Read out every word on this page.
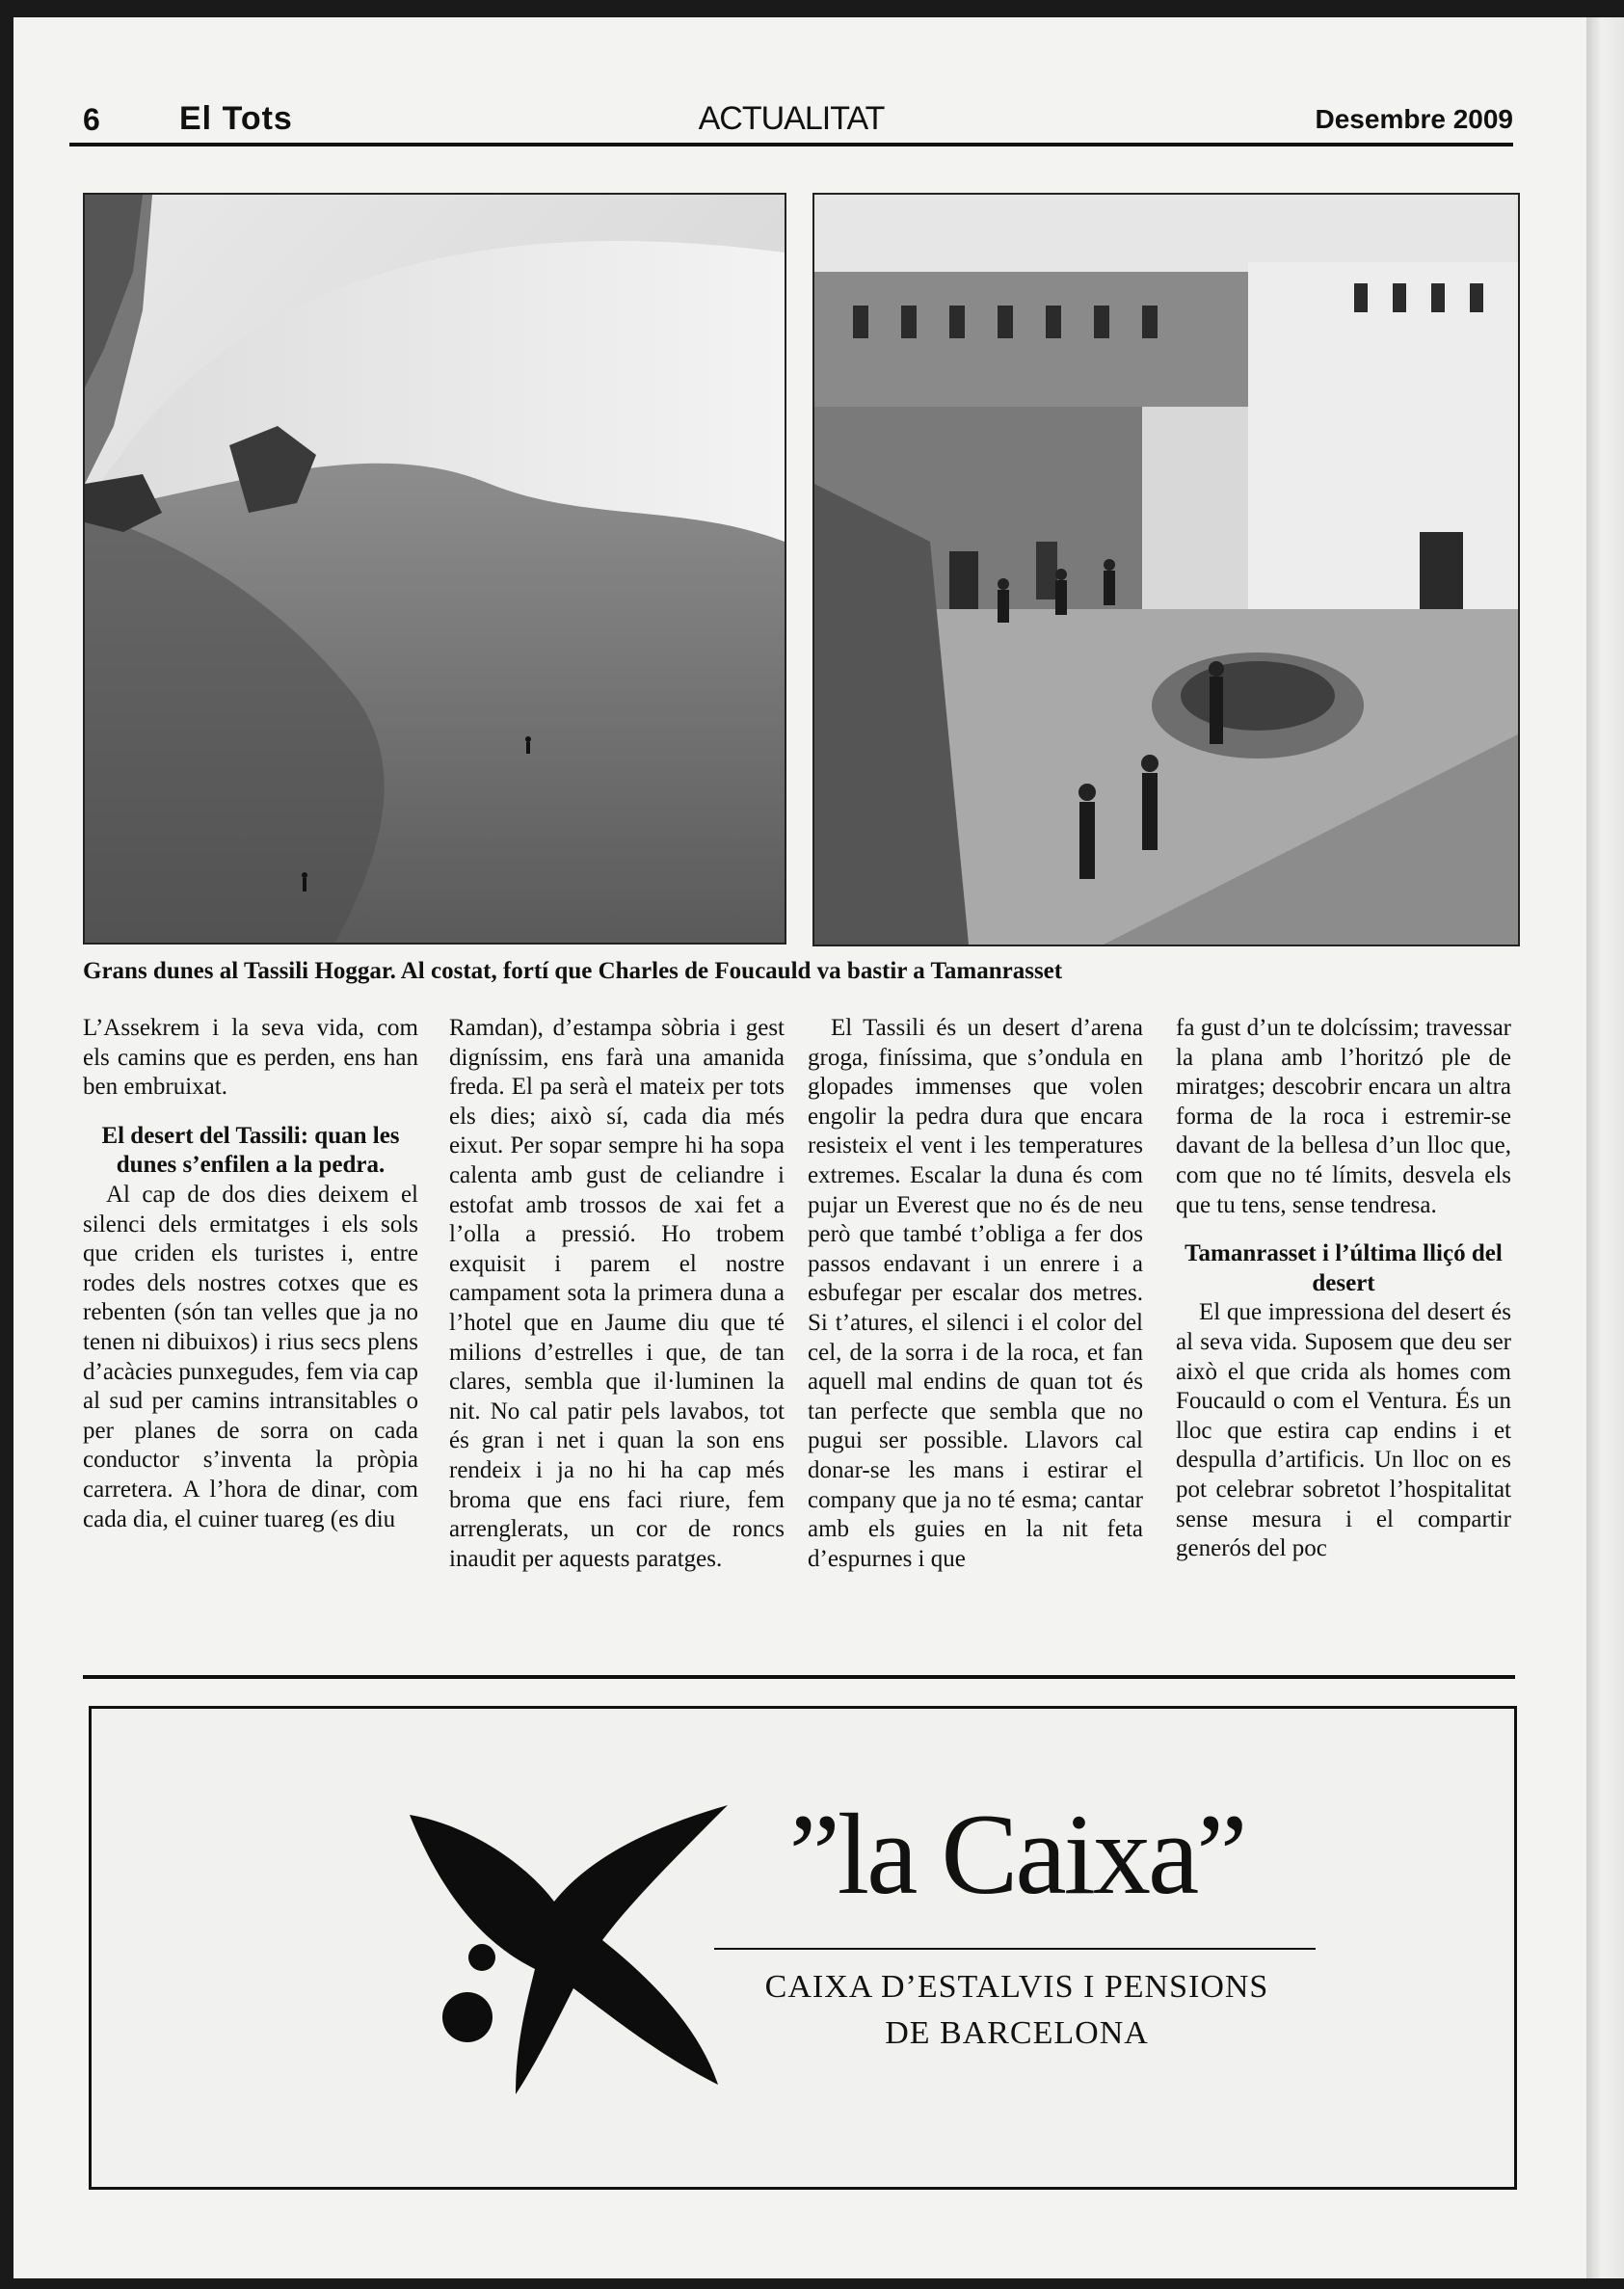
6 El Tots	ACTUALITAT	Desembre 2009
Grans dunes al Tassili Hoggar. Al costat, fortí que Charles de Foucauld va bastir a Tamanrasset

L’Assekrem i la seva vida, com els camins que es perden, ens han ben embruixat.

El desert del Tassili: quan les dunes s’enfilen a la pedra.

Al cap de dos dies deixem el silenci dels ermitatges i els sols que criden els turistes i, entre rodes dels nostres cotxes que es rebenten (són tan velles que ja no tenen ni dibuixos) i rius secs plens d’acàcies punxegudes, fem via cap al sud per camins intransitables o per planes de sorra on cada conductor s’inventa la pròpia carretera. A l’hora de dinar, com cada dia, el cuiner tuareg (es diu

Ramdan), d’estampa sòbria i gest digníssim, ens farà una amanida freda. El pa serà el mateix per tots els dies; això sí, cada dia més eixut. Per sopar sempre hi ha sopa calenta amb gust de celiandre i estofat amb trossos de xai fet a l’olla a pressió. Ho trobem exquisit i parem el nostre campament sota la primera duna a l’hotel que en Jaume diu que té milions d’estrelles i que, de tan clares, sembla que il·luminen la nit. No cal patir pels lavabos, tot és gran i net i quan la son ens rendeix i ja no hi ha cap més broma que ens faci riure, fem arrenglerats, un cor de roncs inaudit per aquests paratges.

El Tassili és un desert d’arena groga, finíssima, que s’ondula en glopades immenses que volen engolir la pedra dura que encara resisteix el vent i les temperatures extremes. Escalar la duna és com pujar un Everest que no és de neu però que també t’obliga a fer dos passos endavant i un enrere i a esbufegar per escalar dos metres. Si t’atures, el silenci i el color del cel, de la sorra i de la roca, et fan aquell mal endins de quan tot és tan perfecte que sembla que no pugui ser possible. Llavors cal donar-se les mans i estirar el company que ja no té esma; cantar amb els guies en la nit feta d’espurnes i que

fa gust d’un te dolcíssim; travessar la plana amb l’horitzó ple de miratges; descobrir encara un altra forma de la roca i estremir-se davant de la bellesa d’un lloc que, com que no té límits, desvela els que tu tens, sense tendresa.

Tamanrasset i l’última lliçó del desert

El que impressiona del desert és al seva vida. Suposem que deu ser això el que crida als homes com Foucauld o com el Ventura. És un lloc que estira cap endins i et despulla d’artificis. Un lloc on es pot celebrar sobretot l’hospitalitat sense mesura i el compartir generós del poc

”la Caixa”
CAIXA D’ESTALVIS I PENSIONS
DE BARCELONA
